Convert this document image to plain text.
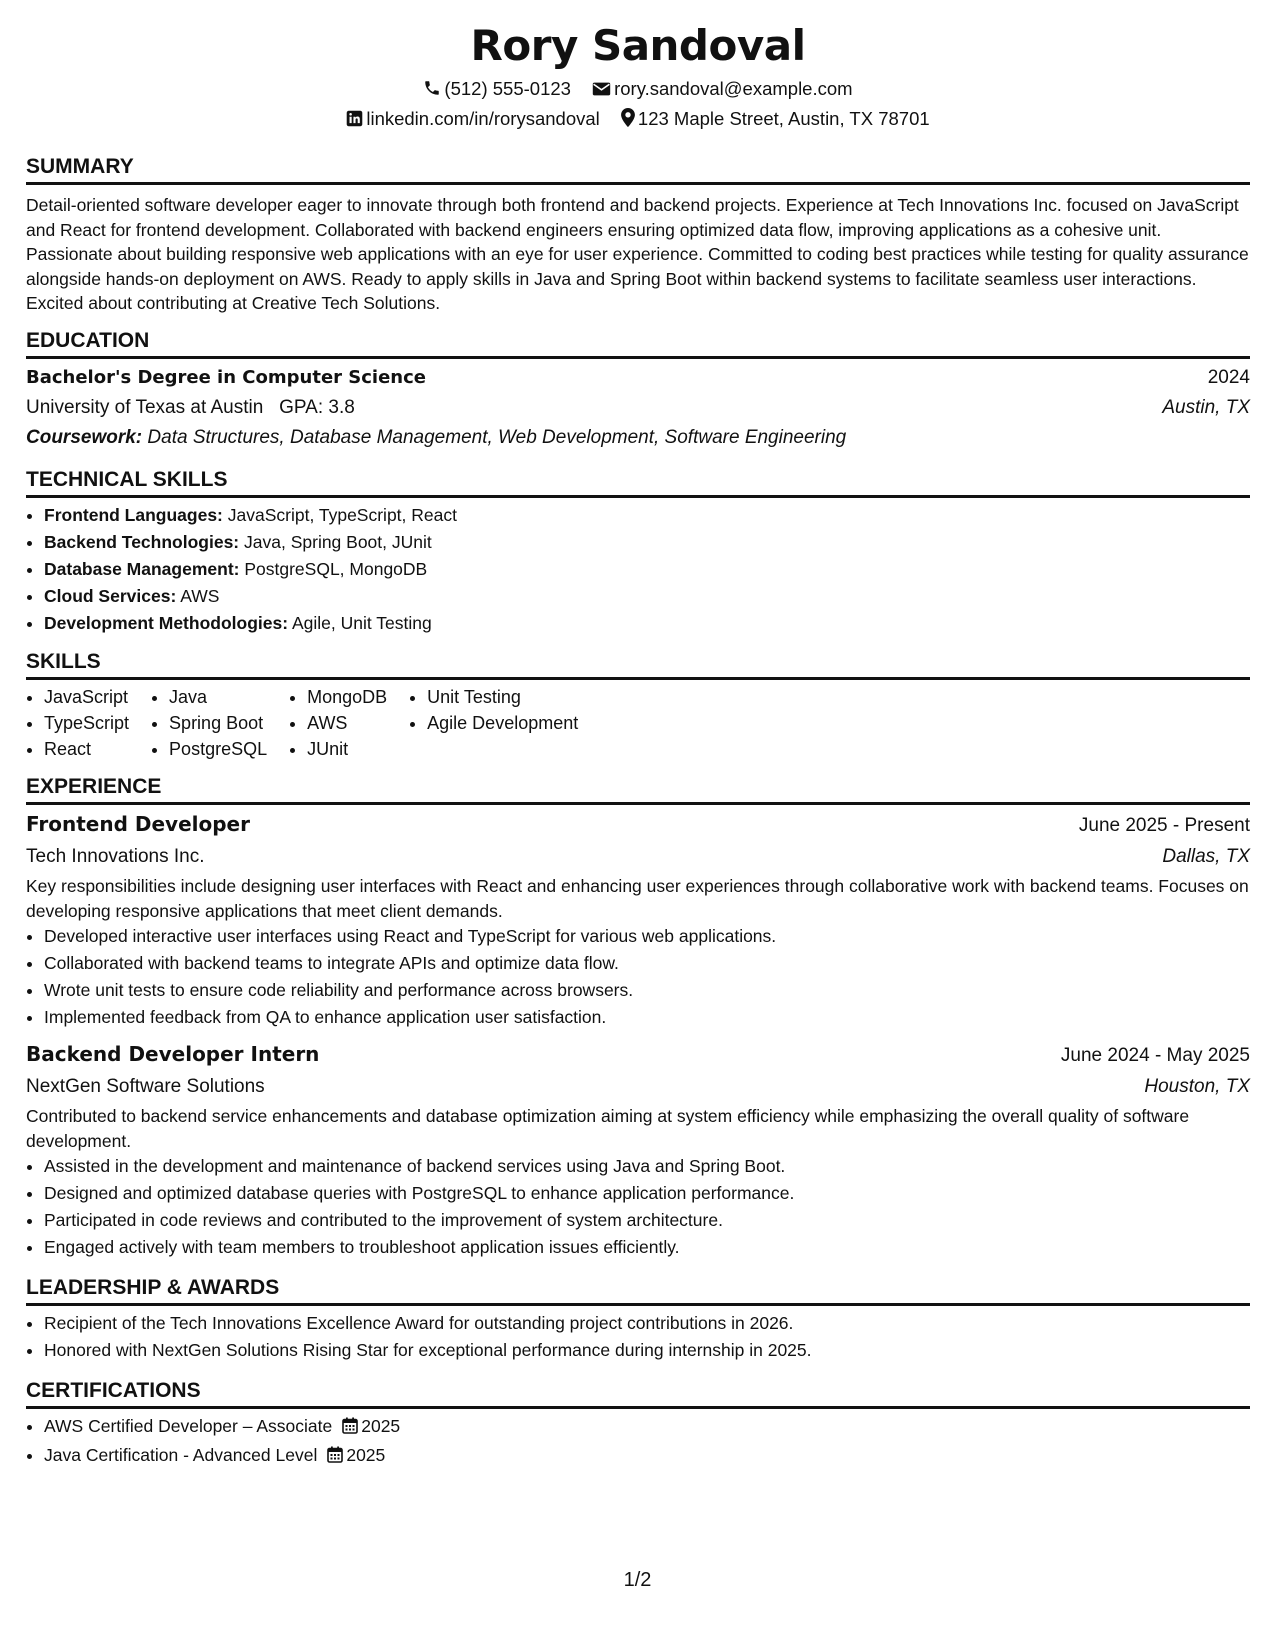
Rory Sandoval
(512) 555-0123 rory.sandoval@example.com
linkedin.com/in/rorysandoval 123 Maple Street, Austin, TX 78701
SUMMARY

Detail-oriented software developer eager to innovate through both frontend and backend projects. Experience at Tech Innovations Inc. focused on JavaScript and React for frontend development. Collaborated with backend engineers ensuring optimized data flow, improving applications as a cohesive unit. Passionate about building responsive web applications with an eye for user experience. Committed to coding best practices while testing for quality assurance alongside hands-on deployment on AWS. Ready to apply skills in Java and Spring Boot within backend systems to facilitate seamless user interactions. Excited about contributing at Creative Tech Solutions.

EDUCATION
Bachelor's Degree in Computer Science	2024
University of Texas at Austin GPA: 3.8	Austin, TX
Coursework: Data Structures, Database Management, Web Development, Software Engineering
TECHNICAL SKILLS
• Frontend Languages: JavaScript, TypeScript, React
• Backend Technologies: Java, Spring Boot, JUnit
• Database Management: PostgreSQL, MongoDB
• Cloud Services: AWS
• Development Methodologies: Agile, Unit Testing
SKILLS
• JavaScript
• TypeScript
• React
• Java
• Spring Boot
• PostgreSQL
• MongoDB
• AWS
• JUnit
• Unit Testing
• Agile Development
EXPERIENCE
Frontend Developer	June 2025 - Present
Tech Innovations Inc.	Dallas, TX

Key responsibilities include designing user interfaces with React and enhancing user experiences through collaborative work with backend teams. Focuses on developing responsive applications that meet client demands.

• Developed interactive user interfaces using React and TypeScript for various web applications.
• Collaborated with backend teams to integrate APIs and optimize data flow.
• Wrote unit tests to ensure code reliability and performance across browsers.
• Implemented feedback from QA to enhance application user satisfaction.
Backend Developer Intern	June 2024 - May 2025
NextGen Software Solutions	Houston, TX

Contributed to backend service enhancements and database optimization aiming at system efficiency while emphasizing the overall quality of software development.

• Assisted in the development and maintenance of backend services using Java and Spring Boot.
• Designed and optimized database queries with PostgreSQL to enhance application performance.
• Participated in code reviews and contributed to the improvement of system architecture.
• Engaged actively with team members to troubleshoot application issues efficiently.
LEADERSHIP & AWARDS
• Recipient of the Tech Innovations Excellence Award for outstanding project contributions in 2026.
• Honored with NextGen Solutions Rising Star for exceptional performance during internship in 2025.
CERTIFICATIONS
• AWS Certified Developer – Associate 2025
• Java Certification - Advanced Level 2025
1/2
